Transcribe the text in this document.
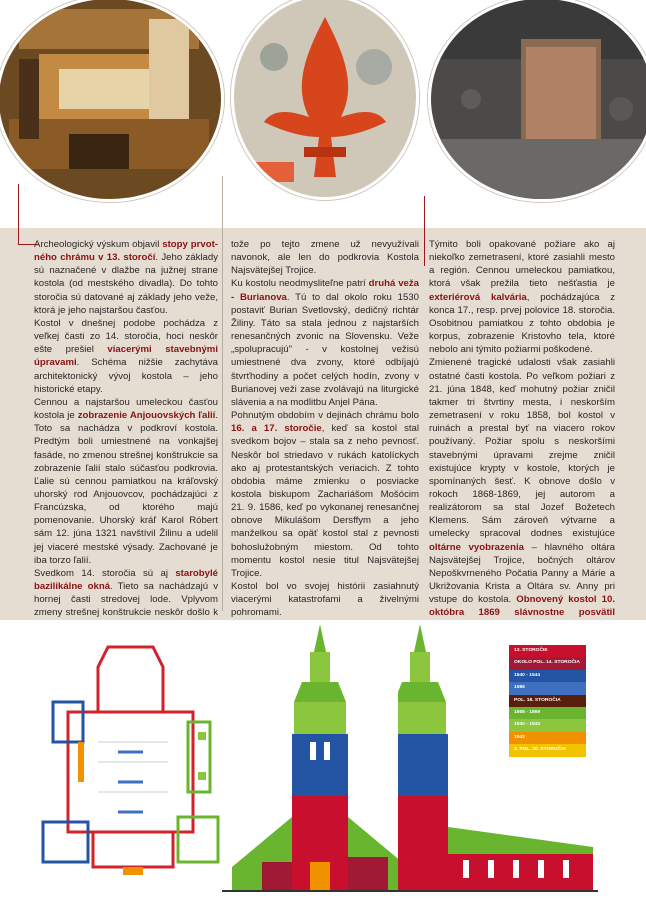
Archeologický výskum objavil stopy prvotného chrámu v 13. storočí. Jeho základy sú naznačené v dlažbe na južnej strane kostola (od mestského divadla). Do tohto storočia sú datované aj základy jeho veže, ktorá je jeho najstaršou časťou.

Kostol v dnešnej podobe pochádza z veľkej časti zo 14. storočia, hoci neskôr ešte prešiel viacerými stavebnými úpravami. Schéma nižšie zachytáva architektonický vývoj kostola – jeho historické etapy.

Cennou a najstaršou umeleckou časťou kostola je zobrazenie Anjouovských ľalií. Toto sa nachádza v podkroví kostola. Predtým boli umiestnené na vonkajšej fasáde, no zmenou strešnej konštrukcie sa zobrazenie ľalií stalo súčasťou podkrovia. Ľalie sú cennou pamiatkou na kráľovský uhorský rod Anjouovcov, pochádzajúci z Francúzska, od ktorého majú pomenovanie. Uhorský kráľ Karol Róbert sám 12. júna 1321 navštívil Žilinu a udelil jej viaceré mestské výsady. Zachované je iba torzo ľalií.

Svedkom 14. storočia sú aj starobylé bazilikálne okná. Tieto sa nachádzajú v hornej časti stredovej lode. Vplyvom zmeny strešnej konštrukcie neskôr došlo k

tože po tejto zmene už nevyužívali navonok, ale len do podkrovia Kostola Najsvätejšej Trojice.

Ku kostolu neodmysliteľne patrí druhá veža - Burianova. Tú to dal okolo roku 1530 postaviť Burian Svetlovský, dedičný richtár Žiliny. Táto sa stala jednou z najstarších renesančných zvonic na Slovensku. Veže „spolupracujú" - v kostolnej vežisú umiestnené dva zvony, ktoré odbíjajú štvrťhodiny a počet celých hodín, zvony v Burianovej veži zase zvolávajú na liturgické slávenia a na modlitbu Anjel Pána.

Pohnutým obdobím v dejinách chrámu bolo 16. a 17. storočie, keď sa kostol stal svedkom bojov – stala sa z neho pevnosť. Neskôr bol striedavo v rukách katolíckych ako aj protestantských veriacich. Z tohto obdobia máme zmienku o posviacke kostola biskupom Zachariášom Mošócim 21. 9. 1586, keď po vykonanej renesančnej obnove Mikulášom Dersffym a jeho manželkou sa opäť kostol stal z pevnosti bohoslužobným miestom. Od tohto momentu kostol nesie titul Najsvätejšej Trojice.

Kostol bol vo svojej histórii zasiahnutý viacerými katastrofami a živelnými pohromami.

Týmito boli opakované požiare ako aj niekoľko zemetrasení, ktoré zasiahli mesto a región. Cennou umeleckou pamiatkou, ktorá však prežila tieto nešťastia je exteriérová kalvária, pochádzajúca z konca 17., resp. prvej polovice 18. storočia. Osobitnou pamiatkou z tohto obdobia je korpus, zobrazenie Kristovho tela, ktoré nebolo ani týmito požiarmi poškodené.

Zmienené tragické udalosti však zasiahli ostatné časti kostola. Po veľkom požiari z 21. júna 1848, keď mohutný požiar zničil takmer tri štvrtiny mesta, i neskorším zemetrasení v roku 1858, bol kostol v ruinách a prestal byť na viacero rokov používaný. Požiar spolu s neskoršími stavebnými úpravami zrejme zničil existujúce krypty v kostole, ktorých je spomínaných šesť. K obnove došlo v rokoch 1868-1869, jej autorom a realizátorom sa stal Jozef Božetech Klemens. Sám zároveň výtvarne a umelecky spracoval dodnes existujúce oltárne vyobrazenia – hlavného oltára Najsvätejšej Trojice, bočných oltárov Nepoškvrneného Počatia Panny a Márie a Ukrižovania Krista a Oltára sv. Anny pri vstupe do kostola. Obnovený kostol 10. októbra 1869 slávnostne posvätil

13. STOROČIE
OKOLO POL. 14. STOROČIA
1540 - 1544
1586
POL. 18. STOROČIA
1868 - 1869
1930 - 1940
1942
2. POL. 20. STOROČIA
